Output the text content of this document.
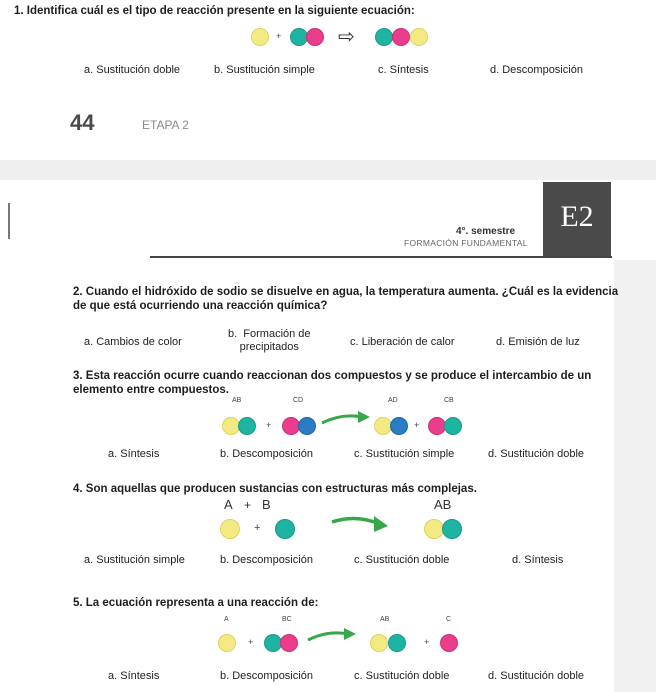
1. Identifica cuál es el tipo de reacción presente en la siguiente ecuación:
+	⇨
a. Sustitución doble	b. Sustitución simple	c. Síntesis	d. Descomposición
44	ETAPA 2
4°. semestre
FORMACIÓN FUNDAMENTAL
E2
2. Cuando el hidróxido de sodio se disuelve en agua, la temperatura aumenta. ¿Cuál es la evidencia de que está ocurriendo una reacción química?
a. Cambios de color
b.  Formación de
precipitados	c. Liberación de calor	d. Emisión de luz
3. Esta reacción ocurre cuando reaccionan dos compuestos y se produce el intercambio de un elemento entre compuestos.
AB	CD	AD	CB
+	+
a. Síntesis	b. Descomposición	c. Sustitución simple	d. Sustitución doble
4. Son aquellas que producen sustancias con estructuras más complejas.
A + B	AB
+
a. Sustitución simple	b. Descomposición	c. Sustitución doble	d. Síntesis
5. La ecuación representa a una reacción de:
A	BC	AB	C
+	+
a. Síntesis	b. Descomposición	c. Sustitución doble	d. Sustitución doble
